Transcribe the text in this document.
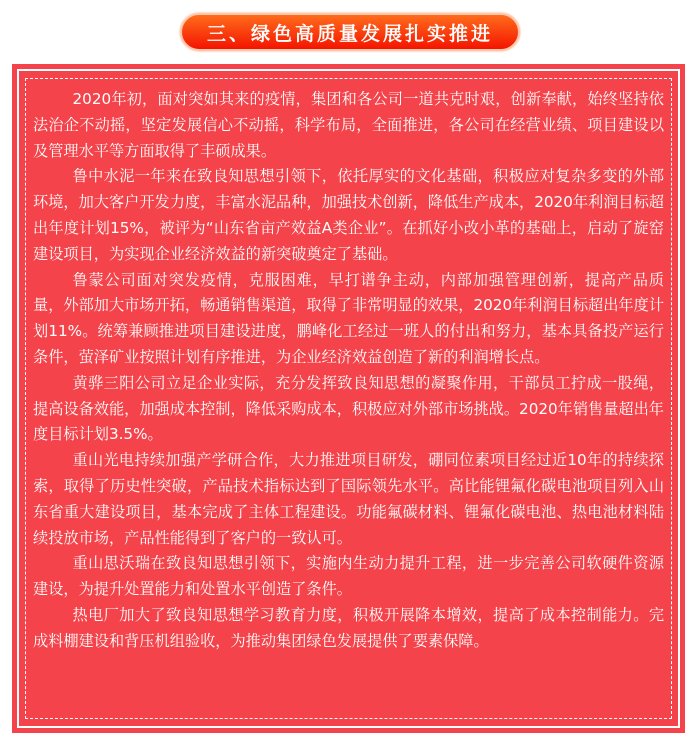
三、绿色高质量发展扎实推进

2020年初，面对突如其来的疫情，集团和各公司一道共克时艰，创新奉献，始终坚持依法治企不动摇，坚定发展信心不动摇，科学布局，全面推进，各公司在经营业绩、项目建设以及管理水平等方面取得了丰硕成果。

鲁中水泥一年来在致良知思想引领下，依托厚实的文化基础，积极应对复杂多变的外部环境，加大客户开发力度，丰富水泥品种，加强技术创新，降低生产成本，2020年利润目标超出年度计划15%，被评为“山东省亩产效益A类企业”。在抓好小改小革的基础上，启动了旋窑建设项目，为实现企业经济效益的新突破奠定了基础。

鲁蒙公司面对突发疫情，克服困难，早打谱争主动，内部加强管理创新，提高产品质量，外部加大市场开拓，畅通销售渠道，取得了非常明显的效果，2020年利润目标超出年度计划11%。统筹兼顾推进项目建设进度，鹏峰化工经过一班人的付出和努力，基本具备投产运行条件，萤泽矿业按照计划有序推进，为企业经济效益创造了新的利润增长点。

黄骅三阳公司立足企业实际，充分发挥致良知思想的凝聚作用，干部员工拧成一股绳，提高设备效能，加强成本控制，降低采购成本，积极应对外部市场挑战。2020年销售量超出年度目标计划3.5%。

重山光电持续加强产学研合作，大力推进项目研发，硼同位素项目经过近10年的持续探索，取得了历史性突破，产品技术指标达到了国际领先水平。高比能锂氟化碳电池项目列入山东省重大建设项目，基本完成了主体工程建设。功能氟碳材料、锂氟化碳电池、热电池材料陆续投放市场，产品性能得到了客户的一致认可。

重山思沃瑞在致良知思想引领下，实施内生动力提升工程，进一步完善公司软硬件资源建设，为提升处置能力和处置水平创造了条件。

热电厂加大了致良知思想学习教育力度，积极开展降本增效，提高了成本控制能力。完成料棚建设和背压机组验收，为推动集团绿色发展提供了要素保障。
